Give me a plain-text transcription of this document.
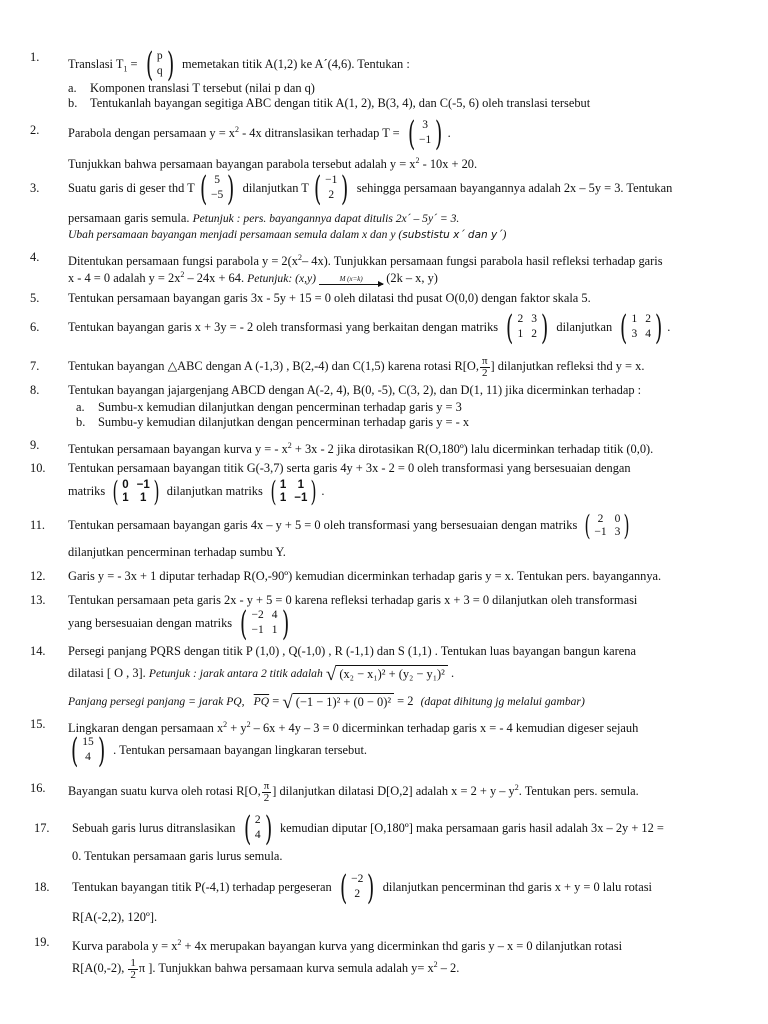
1. Translasi $T_1$ = ( p
q ) memetakan titik A(1,2) ke A´(4,6). Tentukan :
a. Komponen translasi T tersebut (nilai p dan q)
b. Tentukanlah bayangan segitiga ABC dengan titik A(1, 2), B(3, 4), dan C(-5, 6) oleh translasi tersebut
2. Parabola dengan persamaan $y = x^2 - 4x$ ditranslasikan terhadap T = ( 3
−1 ) .
Tunjukkan bahwa persamaan bayangan parabola tersebut adalah $y = x^2 - 10x + 20$.
3. Suatu garis di geser thd T ( 5
−5 ) dilanjutkan T ( −1
2 ) sehingga persamaan bayangannya adalah 2x – 5y = 3. Tentukan
persamaan garis semula. Petunjuk : pers. bayangannya dapat ditulis 2x´ – 5y´ = 3.
Ubah persamaan bayangan menjadi persamaan semula dalam x dan y (substistu x´ dan y´)
4. Ditentukan persamaan fungsi parabola $y = 2(x^2-$ 4x). Tunjukkan persamaan fungsi parabola hasil refleksi terhadap garis
x - 4 = 0 adalah $y = 2x^2 - 24x + 64$. Petunjuk: (x,y)	M (x=k) (2k – x, y)
5. Tentukan persamaan bayangan garis 3x - 5y + 15 = 0 oleh dilatasi thd pusat O(0,0) dengan faktor skala 5.
6. Tentukan bayangan garis x + 3y = - 2 oleh transformasi yang berkaitan dengan matriks ( 2 3
1 2 ) dilanjutkan ( 1 2
3 4 ) .
7. Tentukan bayangan △ABC dengan A (-1,3) , B(2,-4) dan C(1,5) karena rotasi R[O, $\frac{\pi}{2}$ ] dilanjutkan refleksi thd y = x.
8. Tentukan bayangan jajargenjang ABCD dengan A(-2, 4), B(0, -5), C(3, 2), dan D(1, 11) jika dicerminkan terhadap :
a. Sumbu-x kemudian dilanjutkan dengan pencerminan terhadap garis y = 3
b. Sumbu-y kemudian dilanjutkan dengan pencerminan terhadap garis y = - x
9. Tentukan persamaan bayangan kurva y = - $x^2 + 3x - 2$ jika dirotasikan R(O,180º) lalu dicerminkan terhadap titik (0,0).
10. Tentukan persamaan bayangan titik G(-3,7) serta garis 4y + 3x - 2 = 0 oleh transformasi yang bersesuaian dengan
matriks ( 0 −1
1 1 ) dilanjutkan matriks ( 1 1
1 −1 ) .
11. Tentukan persamaan bayangan garis 4x – y + 5 = 0 oleh transformasi yang bersesuaian dengan matriks ( 2 0
−1 3 )
dilanjutkan pencerminan terhadap sumbu Y.
12. Garis y = - 3x + 1 diputar terhadap R(O,-90º) kemudian dicerminkan terhadap garis y = x. Tentukan pers. bayangannya.
13. Tentukan persamaan peta garis 2x - y + 5 = 0 karena refleksi terhadap garis x + 3 = 0 dilanjutkan oleh transformasi
yang bersesuaian dengan matriks ( −2 4
−1 1 )
14. Persegi panjang PQRS dengan titik P (1,0) , Q(-1,0) , R (-1,1) dan S (1,1) . Tentukan luas bayangan bangun karena
dilatasi [ O , 3]. Petunjuk : jarak antara 2 titik adalah √ (x₂ − x₁)² + (y₂ − y₁)² .
Panjang persegi panjang = jarak PQ, $\overline{PQ}$ = √ (−1 − 1)² + (0 − 0)² = 2 (dapat dihitung jg melalui gambar)
15. Lingkaran dengan persamaan $x^2 + y^2 - 6x + 4y - 3 = 0$ dicerminkan terhadap garis x = - 4 kemudian digeser sejauh
( 15
4 ) . Tentukan persamaan bayangan lingkaran tersebut.
16. Bayangan suatu kurva oleh rotasi R[O, $\frac{\pi}{2}$ ] dilanjutkan dilatasi D[O,2] adalah $x = 2 + y - y^2$. Tentukan pers. semula.
17. Sebuah garis lurus ditranslasikan ( 2
4 ) kemudian diputar [O,180º] maka persamaan garis hasil adalah 3x – 2y + 12 =
0. Tentukan persamaan garis lurus semula.
18. Tentukan bayangan titik P(-4,1) terhadap pergeseran ( −2
2 ) dilanjutkan pencerminan thd garis x + y = 0 lalu rotasi
R[A(-2,2), 120º].
19. Kurva parabola $y = x^2 + 4x$ merupakan bayangan kurva yang dicerminkan thd garis y – x = 0 dilanjutkan rotasi
R[A(0,-2), $\frac{1}{2}$ π ]. Tunjukkan bahwa persamaan kurva semula adalah $y= x^2 - 2$.
